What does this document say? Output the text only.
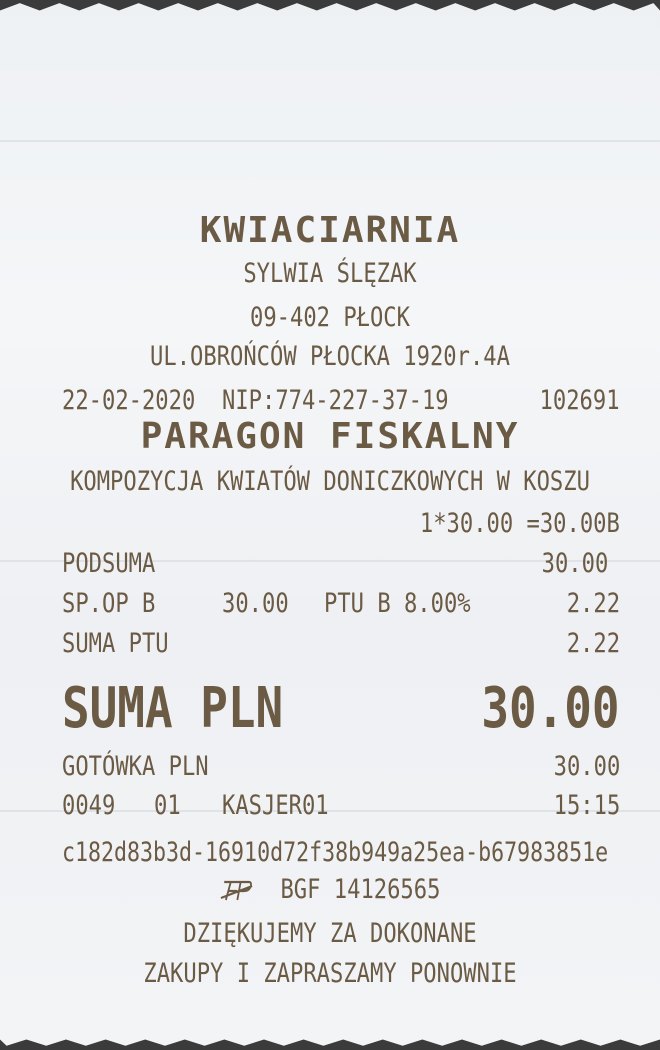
KWIACIARNIA
SYLWIA ŚLĘZAK
09-402 PŁOCK
UL.OBROŃCÓW PŁOCKA 1920r.4A
22-02-2020 NIP:774-227-37-19	102691
PARAGON FISKALNY
KOMPOZYCJA KWIATÓW DONICZKOWYCH W KOSZU
1*30.00 =30.00B
PODSUMA	30.00
SP.OP B 30.00 PTU B 8.00%	2.22
SUMA PTU	2.22
SUMA PLN	30.00
GOTÓWKA PLN	30.00
0049 01 KASJER01	15:15
c182d83b3d-16910d72f38b949a25ea-b67983851e
BGF 14126565
DZIĘKUJEMY ZA DOKONANE
ZAKUPY I ZAPRASZAMY PONOWNIE
